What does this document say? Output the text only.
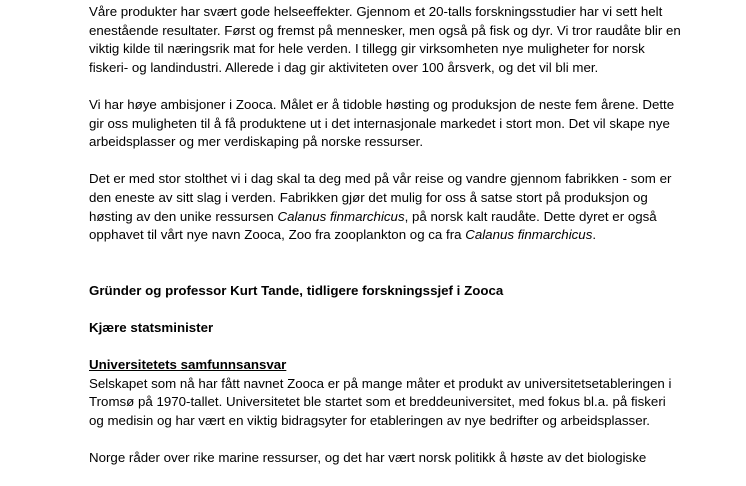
Våre produkter har svært gode helseeffekter. Gjennom et 20-talls forskningsstudier har vi sett helt
enestående resultater. Først og fremst på mennesker, men også på fisk og dyr. Vi tror raudåte blir en
viktig kilde til næringsrik mat for hele verden. I tillegg gir virksomheten nye muligheter for norsk
fiskeri- og landindustri. Allerede i dag gir aktiviteten over 100 årsverk, og det vil bli mer.

Vi har høye ambisjoner i Zooca. Målet er å tidoble høsting og produksjon de neste fem årene. Dette
gir oss muligheten til å få produktene ut i det internasjonale markedet i stort mon. Det vil skape nye
arbeidsplasser og mer verdiskaping på norske ressurser.

Det er med stor stolthet vi i dag skal ta deg med på vår reise og vandre gjennom fabrikken - som er
den eneste av sitt slag i verden. Fabrikken gjør det mulig for oss å satse stort på produksjon og
høsting av den unike ressursen Calanus finmarchicus, på norsk kalt raudåte. Dette dyret er også
opphavet til vårt nye navn Zooca, Zoo fra zooplankton og ca fra Calanus finmarchicus.

Gründer og professor Kurt Tande, tidligere forskningssjef i Zooca

Kjære statsminister

Universitetets samfunnsansvar
Selskapet som nå har fått navnet Zooca er på mange måter et produkt av universitetsetableringen i
Tromsø på 1970-tallet. Universitetet ble startet som et breddeuniversitet, med fokus bl.a. på fiskeri
og medisin og har vært en viktig bidragsyter for etableringen av nye bedrifter og arbeidsplasser.

Norge råder over rike marine ressurser, og det har vært norsk politikk å høste av det biologiske
